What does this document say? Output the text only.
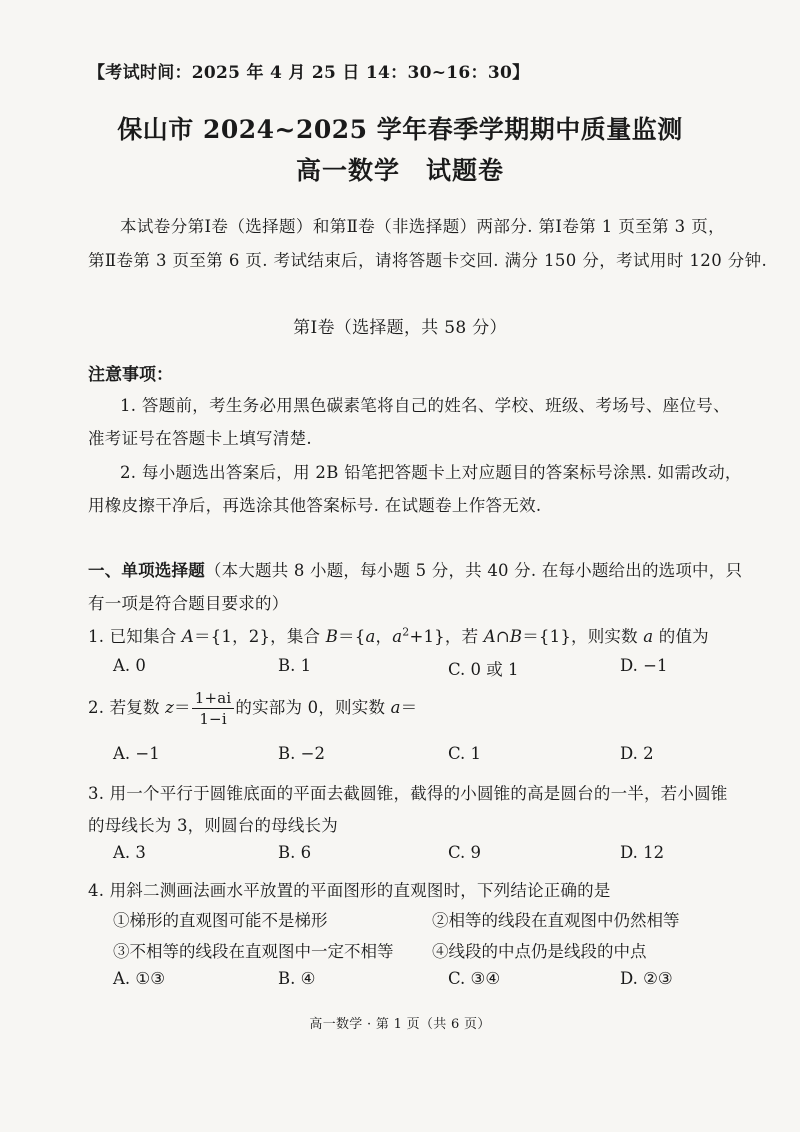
【考试时间：2025 年 4 月 25 日 14：30~16：30】
保山市 2024~2025 学年春季学期期中质量监测
高一数学 试题卷
本试卷分第Ⅰ卷（选择题）和第Ⅱ卷（非选择题）两部分. 第Ⅰ卷第 1 页至第 3 页，
第Ⅱ卷第 3 页至第 6 页. 考试结束后，请将答题卡交回. 满分 150 分，考试用时 120 分钟.
第Ⅰ卷（选择题，共 58 分）
注意事项：
1. 答题前，考生务必用黑色碳素笔将自己的姓名、学校、班级、考场号、座位号、
准考证号在答题卡上填写清楚.
2. 每小题选出答案后，用 2B 铅笔把答题卡上对应题目的答案标号涂黑. 如需改动，
用橡皮擦干净后，再选涂其他答案标号. 在试题卷上作答无效.
一、单项选择题（本大题共 8 小题，每小题 5 分，共 40 分. 在每小题给出的选项中，只
有一项是符合题目要求的）
1. 已知集合 A＝{1，2}，集合 B＝{a，$a^2+1$}，若 A∩B＝{1}，则实数 a 的值为
A. 0	B. 1	C. 0 或 1	D. −1
2. 若复数 $z= \frac{1+ai}{1-i}$ 的实部为 0，则实数 a＝
A. −1	B. −2	C. 1	D. 2
3. 用一个平行于圆锥底面的平面去截圆锥，截得的小圆锥的高是圆台的一半，若小圆锥
的母线长为 3，则圆台的母线长为
A. 3	B. 6	C. 9	D. 12
4. 用斜二测画法画水平放置的平面图形的直观图时，下列结论正确的是
①梯形的直观图可能不是梯形	②相等的线段在直观图中仍然相等
③不相等的线段在直观图中一定不相等 ④线段的中点仍是线段的中点
A. ①③	B. ④	C. ③④	D. ②③
高一数学 · 第 1 页（共 6 页）
